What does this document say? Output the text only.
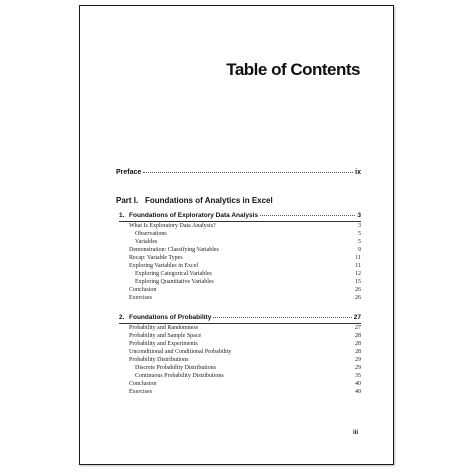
Table of Contents
Preface	ix
Part I. Foundations of Analytics in Excel
1. Foundations of Exploratory Data Analysis	3
What Is Exploratory Data Analysis?	3
Observations	5
Variables	5
Demonstration: Classifying Variables	9
Recap: Variable Types	11
Exploring Variables in Excel	11
Exploring Categorical Variables	12
Exploring Quantitative Variables	15
Conclusion	26
Exercises	26
2. Foundations of Probability	27
Probability and Randomness	27
Probability and Sample Space	28
Probability and Experiments	28
Unconditional and Conditional Probability	28
Probability Distributions	29
Discrete Probability Distributions	29
Continuous Probability Distributions	35
Conclusion	40
Exercises	40
iii
